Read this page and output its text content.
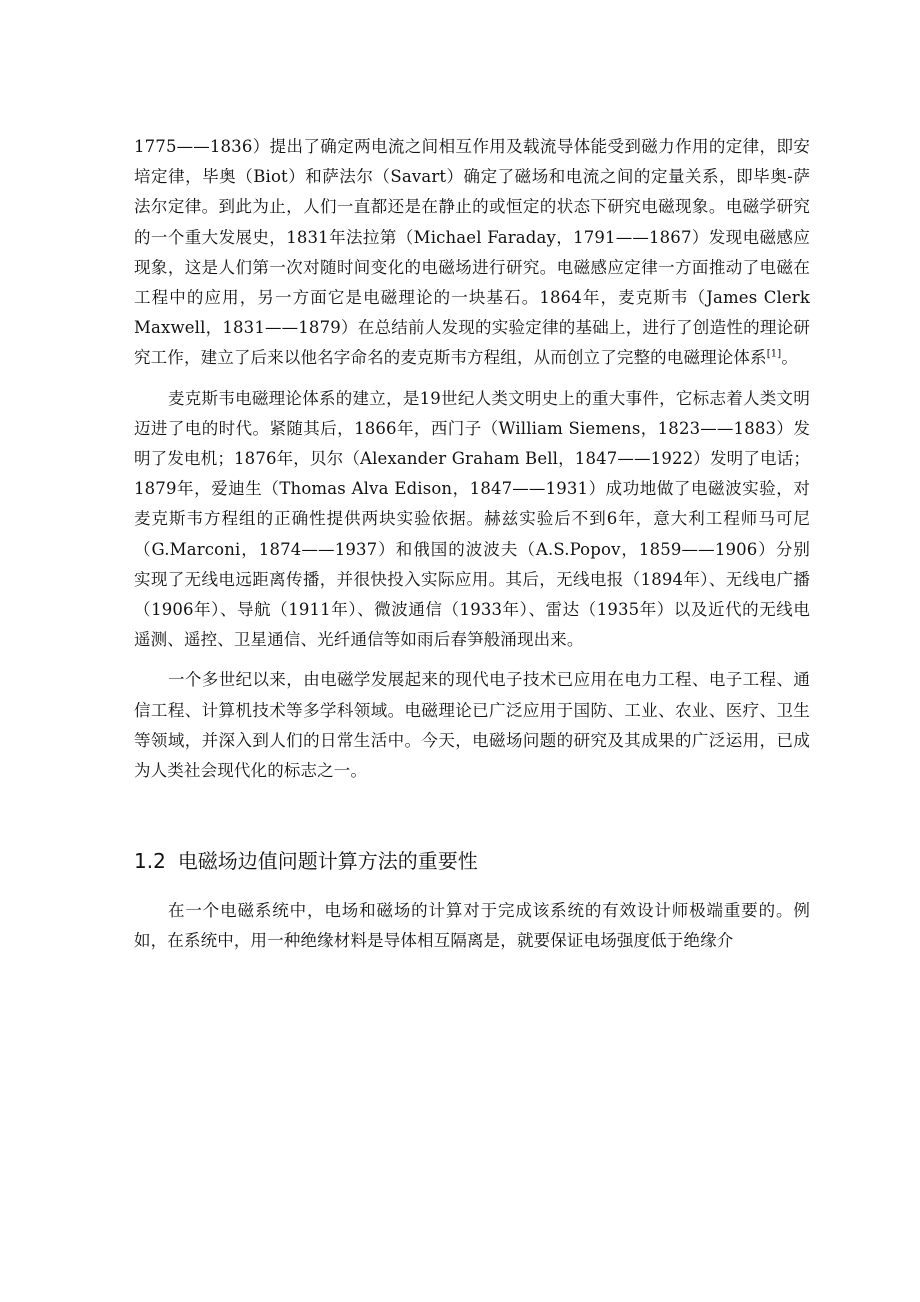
1775——1836）提出了确定两电流之间相互作用及载流导体能受到磁力作用的定律，即安培定律，毕奥（Biot）和萨法尔（Savart）确定了磁场和电流之间的定量关系，即毕奥-萨法尔定律。到此为止，人们一直都还是在静止的或恒定的状态下研究电磁现象。电磁学研究的一个重大发展史，1831年法拉第（Michael Faraday，1791——1867）发现电磁感应现象，这是人们第一次对随时间变化的电磁场进行研究。电磁感应定律一方面推动了电磁在工程中的应用，另一方面它是电磁理论的一块基石。1864年，麦克斯韦（James Clerk Maxwell，1831——1879）在总结前人发现的实验定律的基础上，进行了创造性的理论研究工作，建立了后来以他名字命名的麦克斯韦方程组，从而创立了完整的电磁理论体系[1]。

麦克斯韦电磁理论体系的建立，是19世纪人类文明史上的重大事件，它标志着人类文明迈进了电的时代。紧随其后，1866年，西门子（William Siemens，1823——1883）发明了发电机；1876年，贝尔（Alexander Graham Bell，1847——1922）发明了电话；1879年，爱迪生（Thomas Alva Edison，1847——1931）成功地做了电磁波实验，对麦克斯韦方程组的正确性提供两块实验依据。赫兹实验后不到6年，意大利工程师马可尼（G.Marconi，1874——1937）和俄国的波波夫（A.S.Popov，1859——1906）分别实现了无线电远距离传播，并很快投入实际应用。其后，无线电报（1894年）、无线电广播（1906年）、导航（1911年）、微波通信（1933年）、雷达（1935年）以及近代的无线电遥测、遥控、卫星通信、光纤通信等如雨后春笋般涌现出来。

一个多世纪以来，由电磁学发展起来的现代电子技术已应用在电力工程、电子工程、通信工程、计算机技术等多学科领域。电磁理论已广泛应用于国防、工业、农业、医疗、卫生等领域，并深入到人们的日常生活中。今天，电磁场问题的研究及其成果的广泛运用，已成为人类社会现代化的标志之一。

1.2 电磁场边值问题计算方法的重要性

在一个电磁系统中，电场和磁场的计算对于完成该系统的有效设计师极端重要的。例如，在系统中，用一种绝缘材料是导体相互隔离是，就要保证电场强度低于绝缘介
